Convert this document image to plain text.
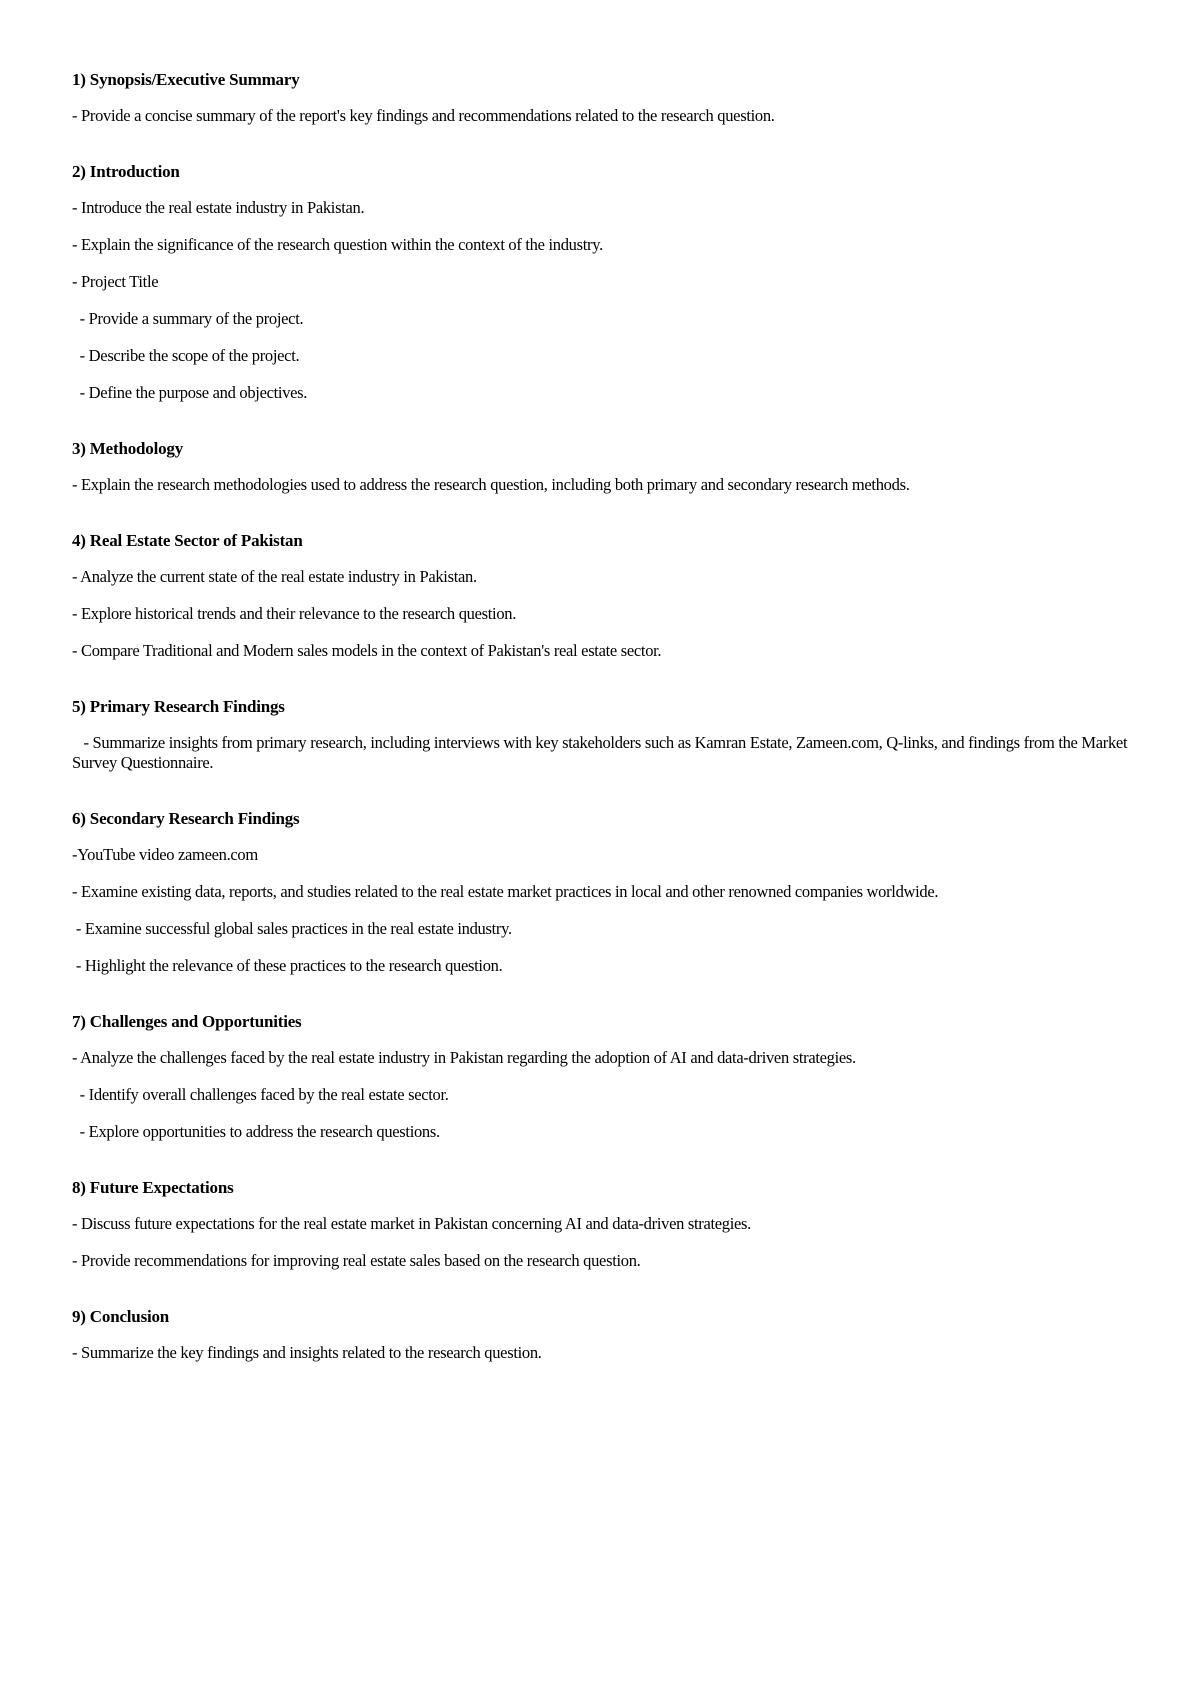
1) Synopsis/Executive Summary
- Provide a concise summary of the report's key findings and recommendations related to the research question.
2) Introduction
- Introduce the real estate industry in Pakistan.
- Explain the significance of the research question within the context of the industry.
- Project Title
- Provide a summary of the project.
- Describe the scope of the project.
- Define the purpose and objectives.
3) Methodology
- Explain the research methodologies used to address the research question, including both primary and secondary research methods.
4) Real Estate Sector of Pakistan
- Analyze the current state of the real estate industry in Pakistan.
- Explore historical trends and their relevance to the research question.
- Compare Traditional and Modern sales models in the context of Pakistan's real estate sector.
5) Primary Research Findings
- Summarize insights from primary research, including interviews with key stakeholders such as Kamran Estate, Zameen.com, Q-links, and findings from the Market Survey Questionnaire.
6) Secondary Research Findings
-YouTube video zameen.com
- Examine existing data, reports, and studies related to the real estate market practices in local and other renowned companies worldwide.
- Examine successful global sales practices in the real estate industry.
- Highlight the relevance of these practices to the research question.
7) Challenges and Opportunities
- Analyze the challenges faced by the real estate industry in Pakistan regarding the adoption of AI and data-driven strategies.
- Identify overall challenges faced by the real estate sector.
- Explore opportunities to address the research questions.
8) Future Expectations
- Discuss future expectations for the real estate market in Pakistan concerning AI and data-driven strategies.
- Provide recommendations for improving real estate sales based on the research question.
9) Conclusion
- Summarize the key findings and insights related to the research question.
